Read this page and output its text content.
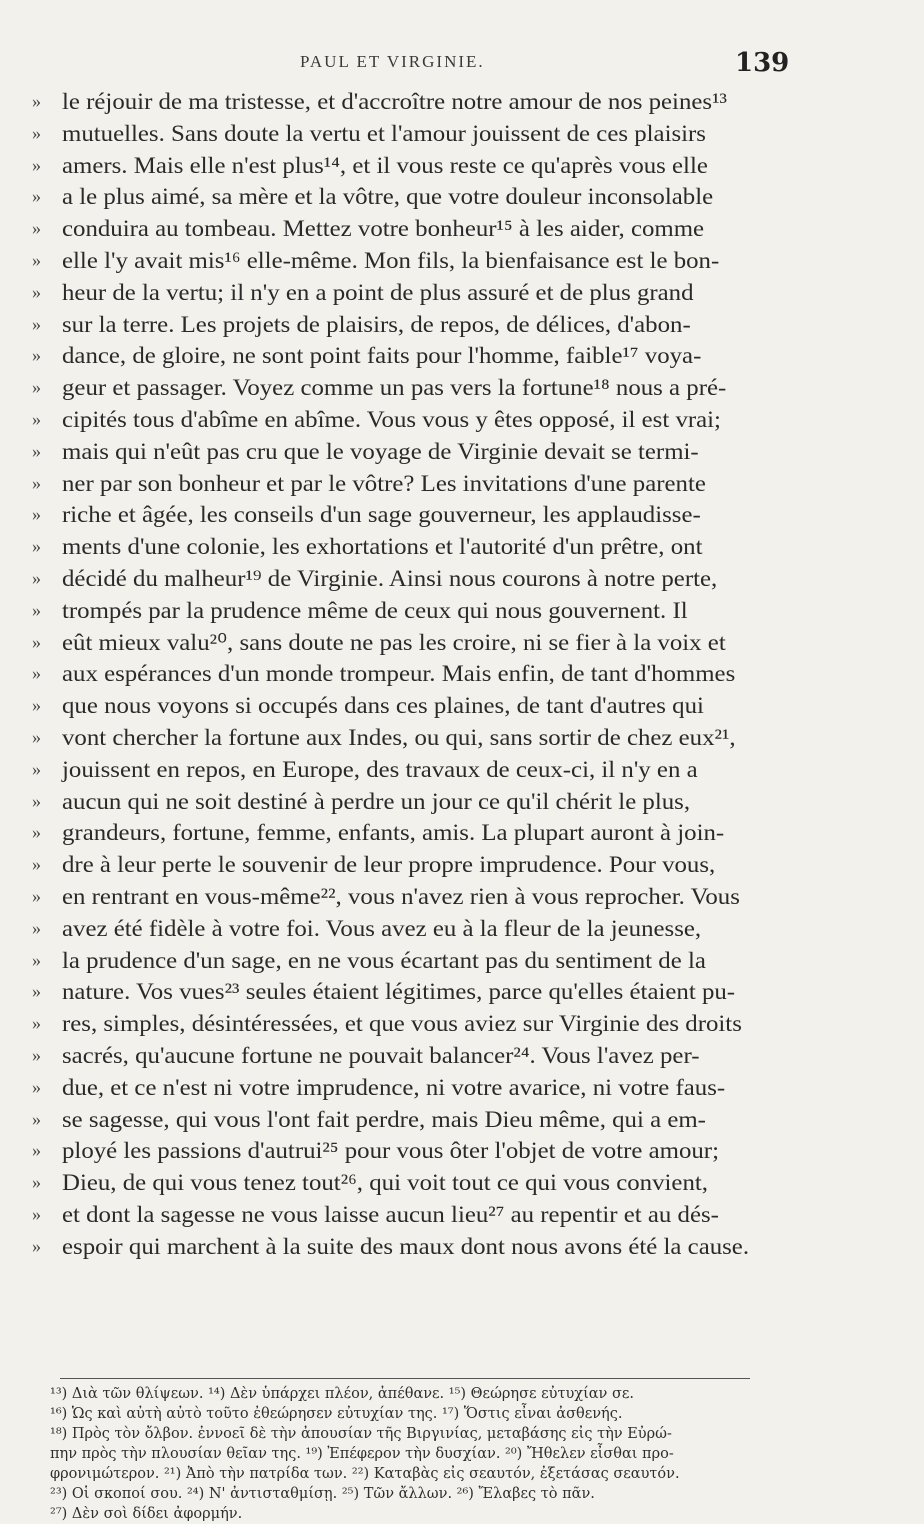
PAUL ET VIRGINIE.	139
» le réjouir de ma tristesse, et d'accroître notre amour de nos peines¹³
» mutuelles. Sans doute la vertu et l'amour jouissent de ces plaisirs
» amers. Mais elle n'est plus¹⁴, et il vous reste ce qu'après vous elle
» a le plus aimé, sa mère et la vôtre, que votre douleur inconsolable
» conduira au tombeau. Mettez votre bonheur¹⁵ à les aider, comme
» elle l'y avait mis¹⁶ elle-même. Mon fils, la bienfaisance est le bon-
» heur de la vertu; il n'y en a point de plus assuré et de plus grand
» sur la terre. Les projets de plaisirs, de repos, de délices, d'abon-
» dance, de gloire, ne sont point faits pour l'homme, faible¹⁷ voya-
» geur et passager. Voyez comme un pas vers la fortune¹⁸ nous a pré-
» cipités tous d'abîme en abîme. Vous vous y êtes opposé, il est vrai;
» mais qui n'eût pas cru que le voyage de Virginie devait se termi-
» ner par son bonheur et par le vôtre? Les invitations d'une parente
» riche et âgée, les conseils d'un sage gouverneur, les applaudisse-
» ments d'une colonie, les exhortations et l'autorité d'un prêtre, ont
» décidé du malheur¹⁹ de Virginie. Ainsi nous courons à notre perte,
» trompés par la prudence même de ceux qui nous gouvernent. Il
» eût mieux valu²⁰, sans doute ne pas les croire, ni se fier à la voix et
» aux espérances d'un monde trompeur. Mais enfin, de tant d'hommes
» que nous voyons si occupés dans ces plaines, de tant d'autres qui
» vont chercher la fortune aux Indes, ou qui, sans sortir de chez eux²¹,
» jouissent en repos, en Europe, des travaux de ceux-ci, il n'y en a
» aucun qui ne soit destiné à perdre un jour ce qu'il chérit le plus,
» grandeurs, fortune, femme, enfants, amis. La plupart auront à join-
» dre à leur perte le souvenir de leur propre imprudence. Pour vous,
» en rentrant en vous-même²², vous n'avez rien à vous reprocher. Vous
» avez été fidèle à votre foi. Vous avez eu à la fleur de la jeunesse,
» la prudence d'un sage, en ne vous écartant pas du sentiment de la
» nature. Vos vues²³ seules étaient légitimes, parce qu'elles étaient pu-
» res, simples, désintéressées, et que vous aviez sur Virginie des droits
» sacrés, qu'aucune fortune ne pouvait balancer²⁴. Vous l'avez per-
» due, et ce n'est ni votre imprudence, ni votre avarice, ni votre faus-
» se sagesse, qui vous l'ont fait perdre, mais Dieu même, qui a em-
» ployé les passions d'autrui²⁵ pour vous ôter l'objet de votre amour;
» Dieu, de qui vous tenez tout²⁶, qui voit tout ce qui vous convient,
» et dont la sagesse ne vous laisse aucun lieu²⁷ au repentir et au dés-
» espoir qui marchent à la suite des maux dont nous avons été la cause.
¹³) Διὰ τῶν θλίψεων. ¹⁴) Δὲν ὑπάρχει πλέον, ἀπέθανε. ¹⁵) Θεώρησε εὐτυχίαν σε.
¹⁶) Ὡς καὶ αὐτὴ αὐτὸ τοῦτο ἐθεώρησεν εὐτυχίαν της. ¹⁷) Ὅστις εἶναι ἀσθενής.
¹⁸) Πρὸς τὸν ὄλβον. ἐννοεῖ δὲ τὴν ἀπουσίαν τῆς Βιργινίας, μεταβάσης εἰς τὴν Εὐρώ-
πην πρὸς τὴν πλουσίαν θεῖαν της. ¹⁹) Ἐπέφερον τὴν δυσχίαν. ²⁰) Ἤθελεν εἶσθαι προ-
φρονιμώτερον. ²¹) Ἀπὸ τὴν πατρίδα των. ²²) Καταβὰς εἰς σεαυτόν, ἐξετάσας σεαυτόν.
²³) Οἱ σκοποί σου. ²⁴) Ν' ἀντισταθμίσῃ. ²⁵) Τῶν ἄλλων. ²⁶) Ἔλαβες τὸ πᾶν.
²⁷) Δὲν σοὶ δίδει ἀφορμήν.
